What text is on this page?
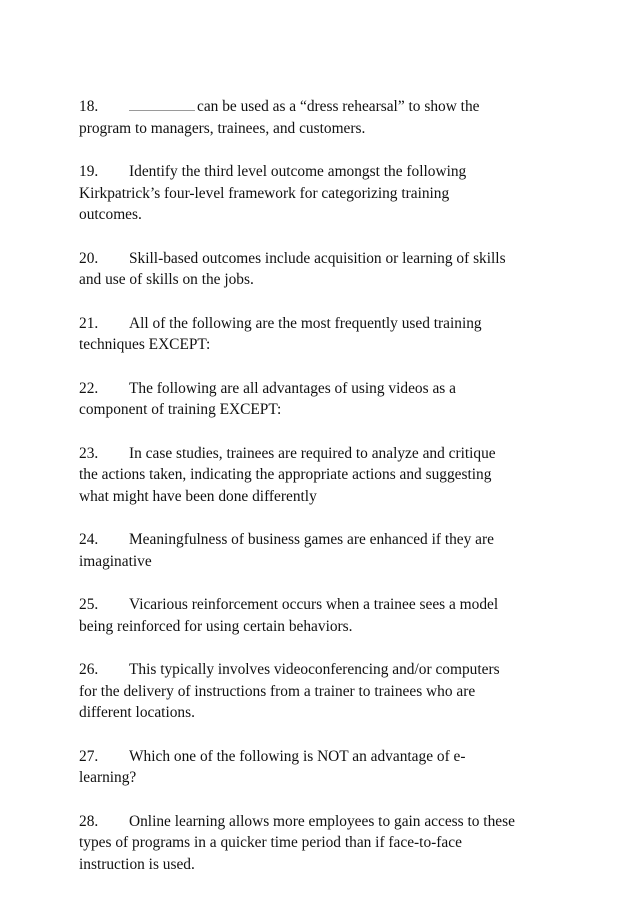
18.	can be used as a “dress rehearsal” to show the
program to managers, trainees, and customers.

19. Identify the third level outcome amongst the following
Kirkpatrick’s four-level framework for categorizing training
outcomes.

20. Skill-based outcomes include acquisition or learning of skills
and use of skills on the jobs.

21. All of the following are the most frequently used training
techniques EXCEPT:

22. The following are all advantages of using videos as a
component of training EXCEPT:

23. In case studies, trainees are required to analyze and critique
the actions taken, indicating the appropriate actions and suggesting
what might have been done differently

24. Meaningfulness of business games are enhanced if they are
imaginative

25. Vicarious reinforcement occurs when a trainee sees a model
being reinforced for using certain behaviors.

26. This typically involves videoconferencing and/or computers
for the delivery of instructions from a trainer to trainees who are
different locations.

27. Which one of the following is NOT an advantage of e-
learning?

28. Online learning allows more employees to gain access to these
types of programs in a quicker time period than if face-to-face
instruction is used.
